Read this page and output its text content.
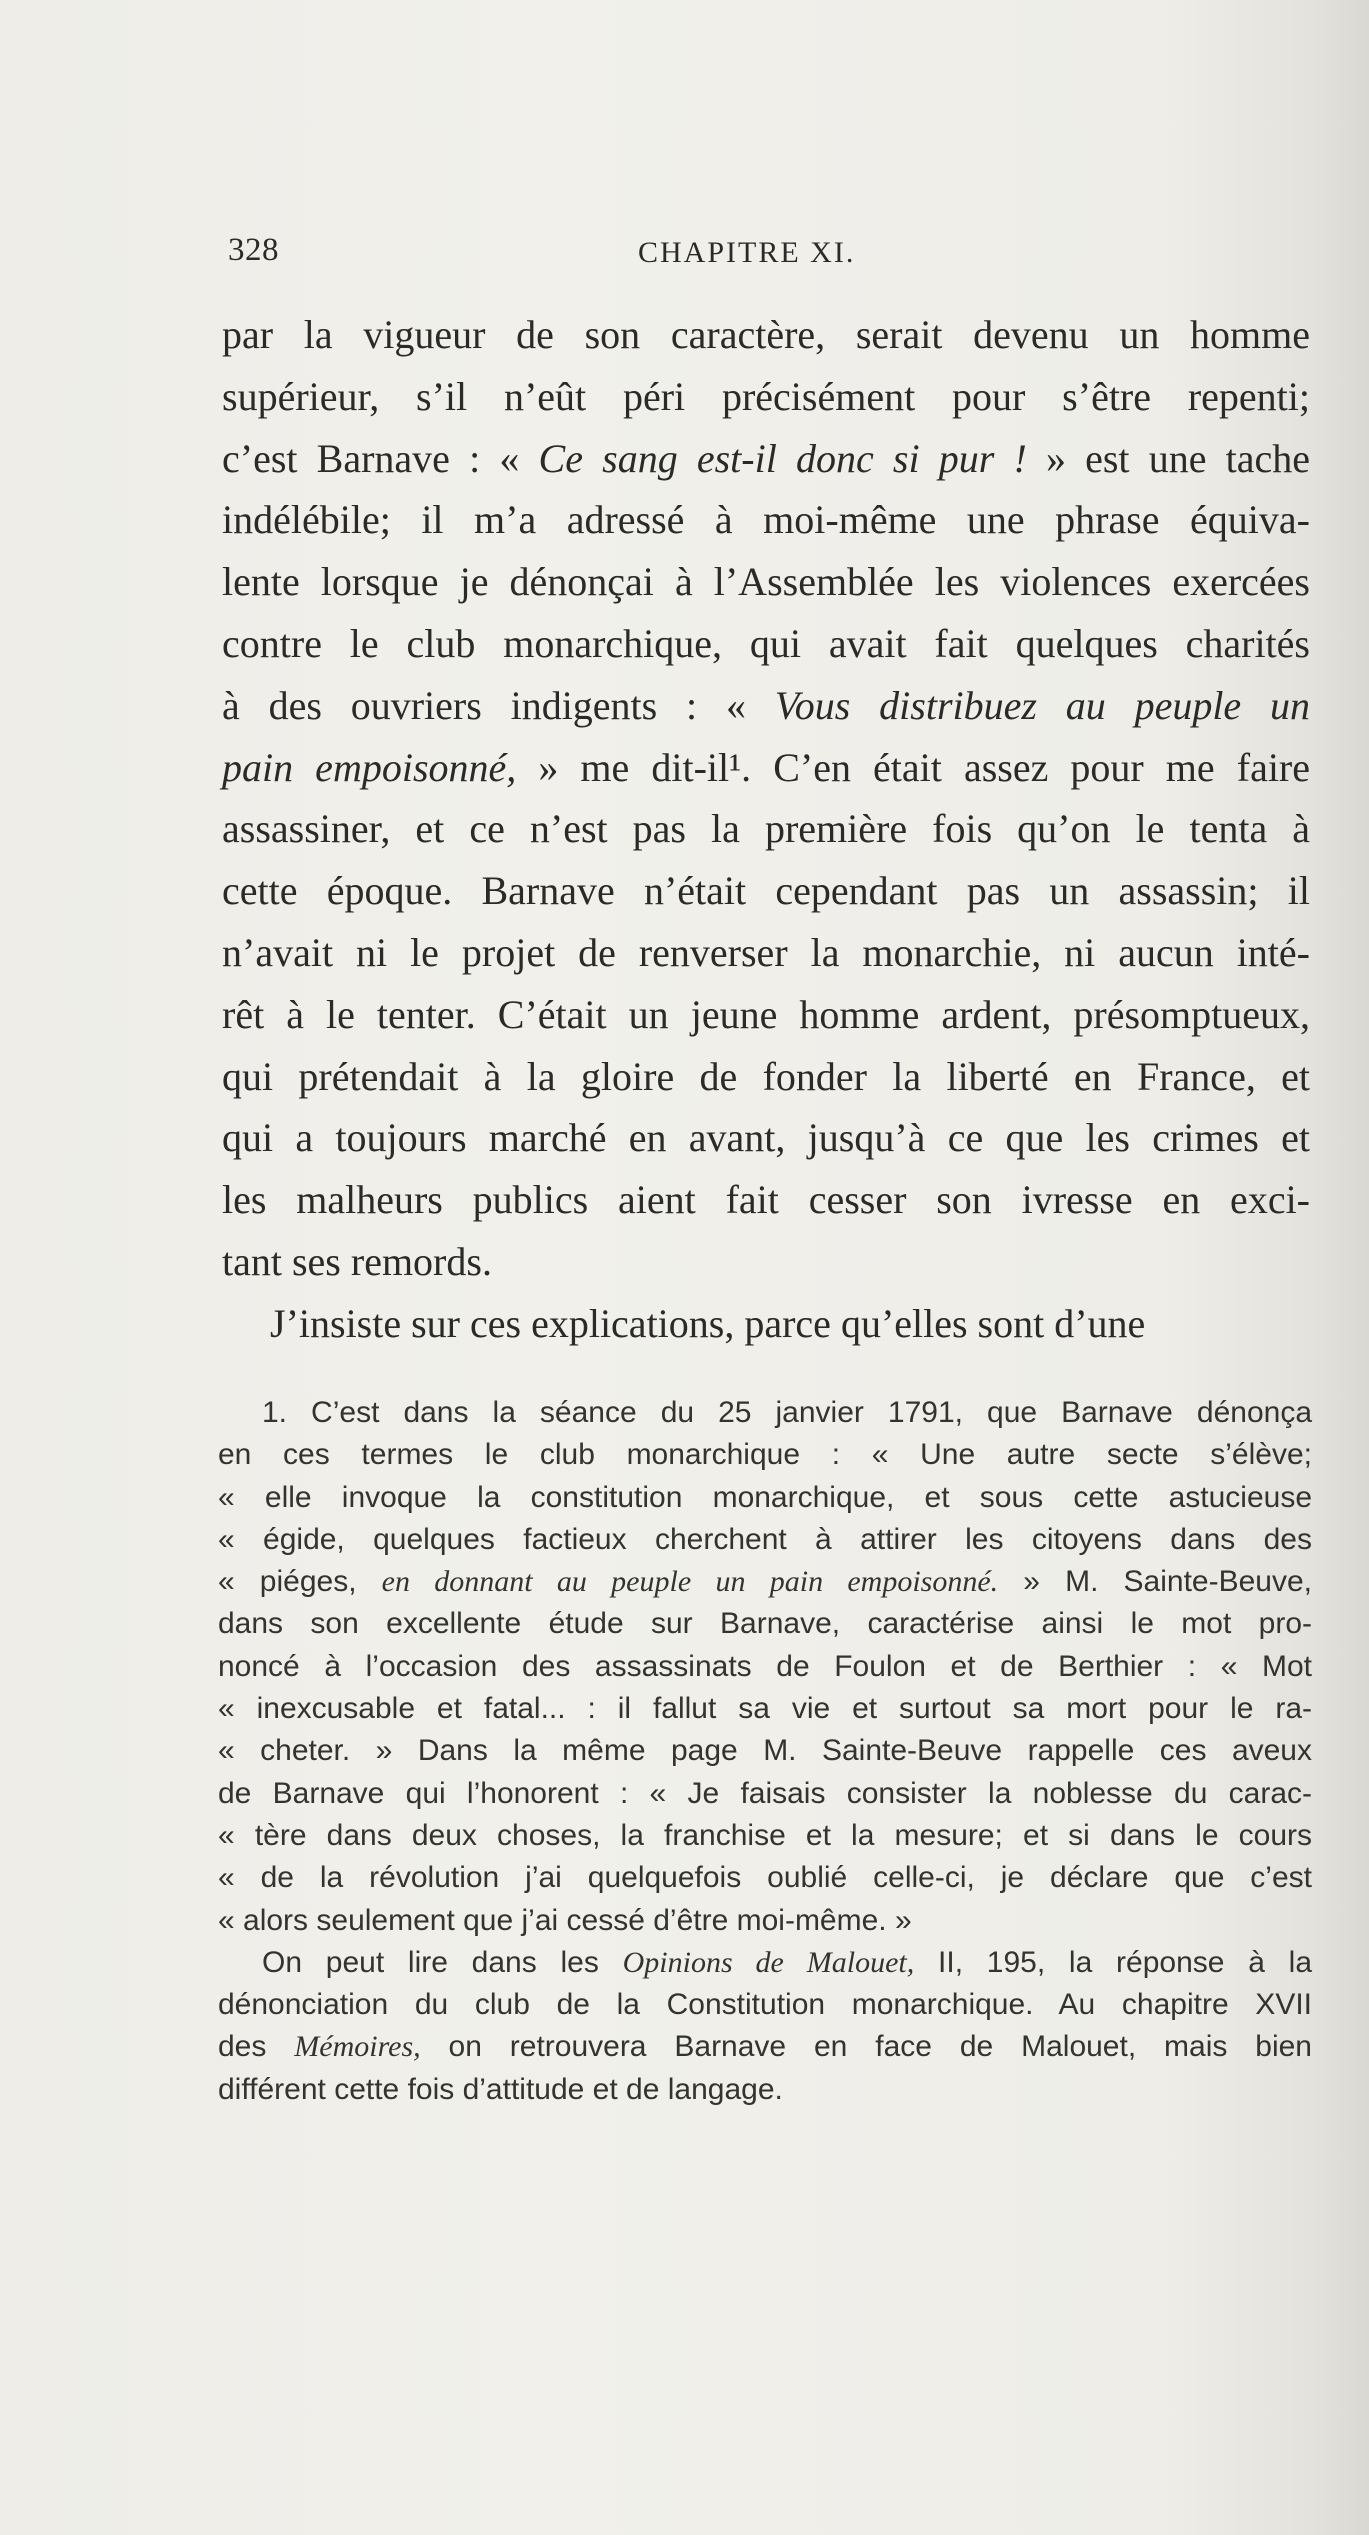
328	CHAPITRE XI.
par la vigueur de son caractère, serait devenu un homme
supérieur, s’il n’eût péri précisément pour s’être repenti;
c’est Barnave : « Ce sang est-il donc si pur ! » est une tache
indélébile; il m’a adressé à moi-même une phrase équiva-
lente lorsque je dénonçai à l’Assemblée les violences exercées
contre le club monarchique, qui avait fait quelques charités
à des ouvriers indigents : « Vous distribuez au peuple un
pain empoisonné, » me dit-il¹. C’en était assez pour me faire
assassiner, et ce n’est pas la première fois qu’on le tenta à
cette époque. Barnave n’était cependant pas un assassin; il
n’avait ni le projet de renverser la monarchie, ni aucun inté-
rêt à le tenter. C’était un jeune homme ardent, présomptueux,
qui prétendait à la gloire de fonder la liberté en France, et
qui a toujours marché en avant, jusqu’à ce que les crimes et
les malheurs publics aient fait cesser son ivresse en exci-
tant ses remords.
J’insiste sur ces explications, parce qu’elles sont d’une
1. C’est dans la séance du 25 janvier 1791, que Barnave dénonça
en ces termes le club monarchique : « Une autre secte s’élève;
« elle invoque la constitution monarchique, et sous cette astucieuse
« égide, quelques factieux cherchent à attirer les citoyens dans des
« piéges, en donnant au peuple un pain empoisonné. » M. Sainte-Beuve,
dans son excellente étude sur Barnave, caractérise ainsi le mot pro-
noncé à l’occasion des assassinats de Foulon et de Berthier : « Mot
« inexcusable et fatal... : il fallut sa vie et surtout sa mort pour le ra-
« cheter. » Dans la même page M. Sainte-Beuve rappelle ces aveux
de Barnave qui l’honorent : « Je faisais consister la noblesse du carac-
« tère dans deux choses, la franchise et la mesure; et si dans le cours
« de la révolution j’ai quelquefois oublié celle-ci, je déclare que c’est
« alors seulement que j’ai cessé d’être moi-même. »
On peut lire dans les Opinions de Malouet, II, 195, la réponse à la
dénonciation du club de la Constitution monarchique. Au chapitre XVII
des Mémoires, on retrouvera Barnave en face de Malouet, mais bien
différent cette fois d’attitude et de langage.
